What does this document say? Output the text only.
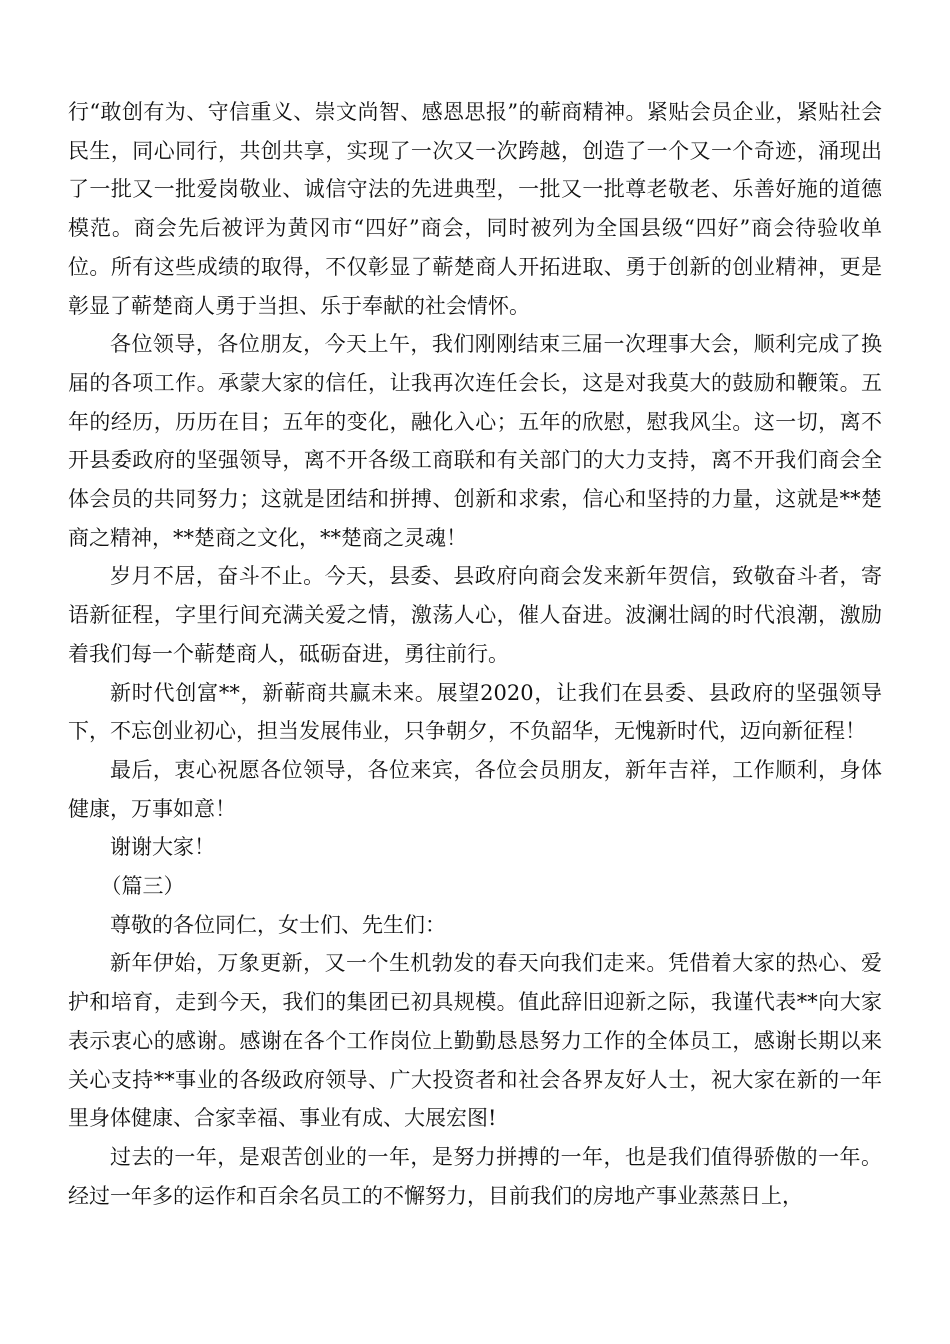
行“敢创有为、守信重义、崇文尚智、感恩思报”的蕲商精神。紧贴会员企业，紧贴社会民生，同心同行，共创共享，实现了一次又一次跨越，创造了一个又一个奇迹，涌现出了一批又一批爱岗敬业、诚信守法的先进典型，一批又一批尊老敬老、乐善好施的道德模范。商会先后被评为黄冈市“四好”商会，同时被列为全国县级“四好”商会待验收单位。所有这些成绩的取得，不仅彰显了蕲楚商人开拓进取、勇于创新的创业精神，更是彰显了蕲楚商人勇于当担、乐于奉献的社会情怀。

各位领导，各位朋友，今天上午，我们刚刚结束三届一次理事大会，顺利完成了换届的各项工作。承蒙大家的信任，让我再次连任会长，这是对我莫大的鼓励和鞭策。五年的经历，历历在目；五年的变化，融化入心；五年的欣慰，慰我风尘。这一切，离不开县委政府的坚强领导，离不开各级工商联和有关部门的大力支持，离不开我们商会全体会员的共同努力；这就是团结和拼搏、创新和求索，信心和坚持的力量，这就是**楚商之精神，**楚商之文化，**楚商之灵魂！

岁月不居，奋斗不止。今天，县委、县政府向商会发来新年贺信，致敬奋斗者，寄语新征程，字里行间充满关爱之情，激荡人心，催人奋进。波澜壮阔的时代浪潮，激励着我们每一个蕲楚商人，砥砺奋进，勇往前行。

新时代创富**，新蕲商共赢未来。展望2020，让我们在县委、县政府的坚强领导下，不忘创业初心，担当发展伟业，只争朝夕，不负韶华，无愧新时代，迈向新征程！

最后，衷心祝愿各位领导，各位来宾，各位会员朋友，新年吉祥，工作顺利，身体健康，万事如意！

谢谢大家！

（篇三）

尊敬的各位同仁，女士们、先生们：

新年伊始，万象更新，又一个生机勃发的春天向我们走来。凭借着大家的热心、爱护和培育，走到今天，我们的集团已初具规模。值此辞旧迎新之际，我谨代表**向大家表示衷心的感谢。感谢在各个工作岗位上勤勤恳恳努力工作的全体员工，感谢长期以来关心支持**事业的各级政府领导、广大投资者和社会各界友好人士，祝大家在新的一年里身体健康、合家幸福、事业有成、大展宏图!

过去的一年，是艰苦创业的一年，是努力拼搏的一年，也是我们值得骄傲的一年。经过一年多的运作和百余名员工的不懈努力，目前我们的房地产事业蒸蒸日上，
